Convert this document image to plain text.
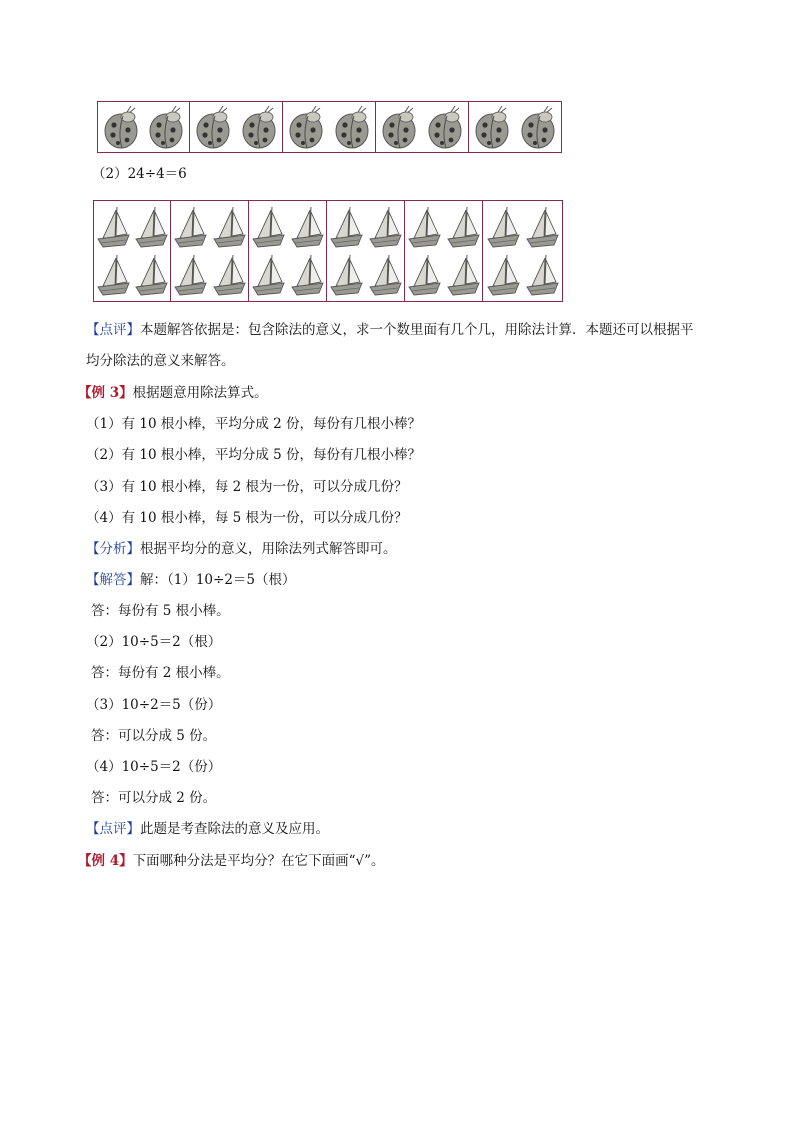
（2）24÷4＝6
【点评】本题解答依据是：包含除法的意义，求一个数里面有几个几，用除法计算．本题还可以根据平
均分除法的意义来解答。
【例 3】根据题意用除法算式。
（1）有 10 根小棒，平均分成 2 份，每份有几根小棒？
（2）有 10 根小棒，平均分成 5 份，每份有几根小棒？
（3）有 10 根小棒，每 2 根为一份，可以分成几份？
（4）有 10 根小棒，每 5 根为一份，可以分成几份？
【分析】根据平均分的意义，用除法列式解答即可。
【解答】解：（1）10÷2＝5（根）
答：每份有 5 根小棒。
（2）10÷5＝2（根）
答：每份有 2 根小棒。
（3）10÷2＝5（份）
答：可以分成 5 份。
（4）10÷5＝2（份）
答：可以分成 2 份。
【点评】此题是考查除法的意义及应用。
【例 4】下面哪种分法是平均分？在它下面画“√”。
